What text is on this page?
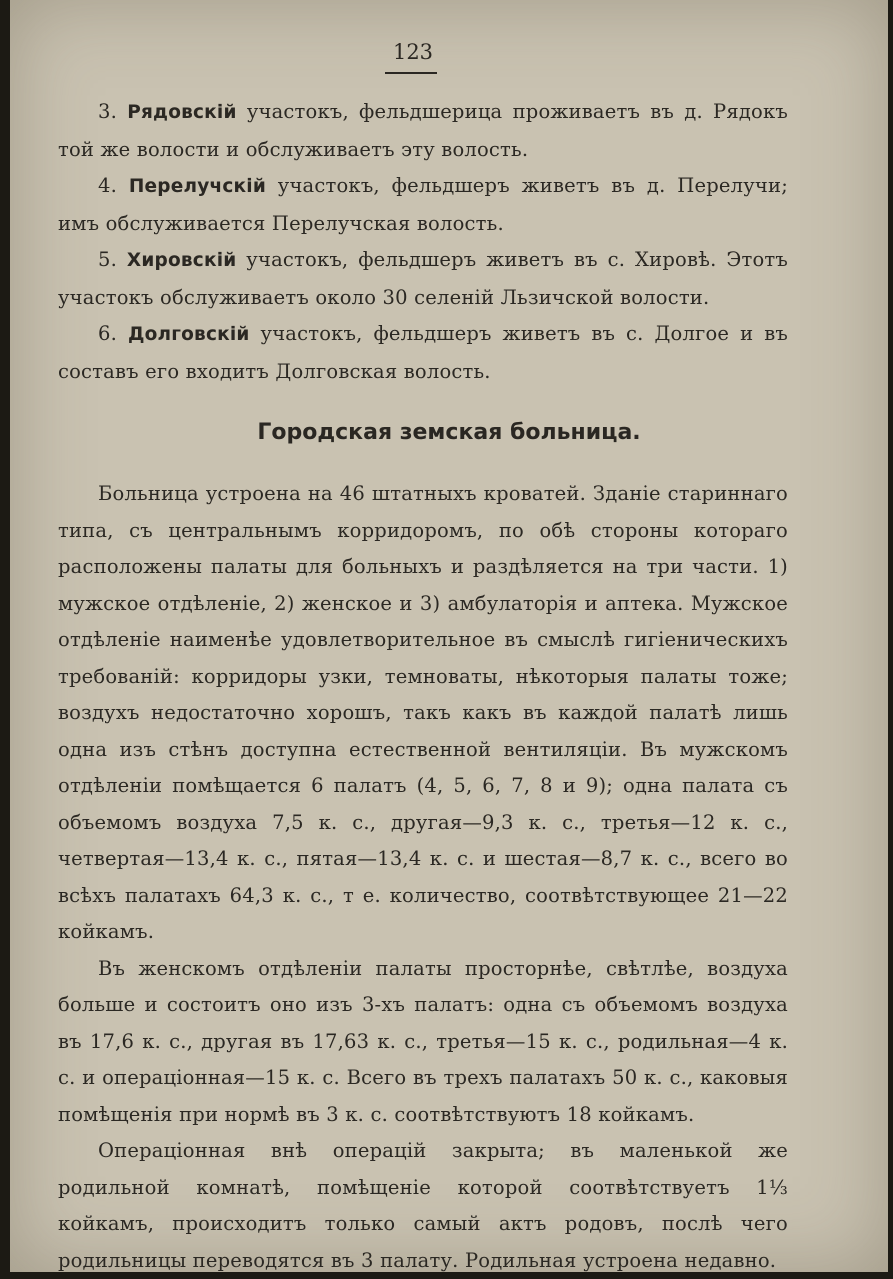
123

3. Рядовскій участокъ, фельдшерица проживаетъ въ д. Рядокъ той же волости и обслуживаетъ эту волость.

4. Перелучскій участокъ, фельдшеръ живетъ въ д. Перелучи; имъ обслуживается Перелучская волость.

5. Хировскій участокъ, фельдшеръ живетъ въ с. Хировѣ. Этотъ участокъ обслуживаетъ около 30 селеній Льзичской волости.

6. Долговскій участокъ, фельдшеръ живетъ въ с. Долгое и въ составъ его входитъ Долговская волость.

Городская земская больница.

Больница устроена на 46 штатныхъ кроватей. Зданіе стариннаго типа, съ центральнымъ корридоромъ, по обѣ стороны котораго расположены палаты для больныхъ и раздѣляется на три части. 1) мужское отдѣленіе, 2) женское и 3) амбулаторія и аптека. Мужское отдѣленіе наименѣе удовлетворительное въ смыслѣ гигіеническихъ требованій: корридоры узки, темноваты, нѣкоторыя палаты тоже; воздухъ недостаточно хорошъ, такъ какъ въ каждой палатѣ лишь одна изъ стѣнъ доступна естественной вентиляціи. Въ мужскомъ отдѣленіи помѣщается 6 палатъ (4, 5, 6, 7, 8 и 9); одна палата съ объемомъ воздуха 7,5 к. с., другая—9,3 к. с., третья—12 к. с., четвертая—13,4 к. с., пятая—13,4 к. с. и шестая—8,7 к. с., всего во всѣхъ палатахъ 64,3 к. с., т е. количество, соотвѣтствующее 21—22 койкамъ.

Въ женскомъ отдѣленіи палаты просторнѣе, свѣтлѣе, воздуха больше и состоитъ оно изъ 3-хъ палатъ: одна съ объемомъ воздуха въ 17,6 к. с., другая въ 17,63 к. с., третья—15 к. с., родильная—4 к. с. и операціонная—15 к. с. Всего въ трехъ палатахъ 50 к. с., каковыя помѣщенія при нормѣ въ 3 к. с. соотвѣтствуютъ 18 койкамъ.

Операціонная внѣ операцій закрыта; въ маленькой же родильной комнатѣ, помѣщеніе которой соотвѣтствуетъ 1⅓ койкамъ, происходитъ только самый актъ родовъ, послѣ чего родильницы переводятся въ 3 палату. Родильная устроена недавно.
